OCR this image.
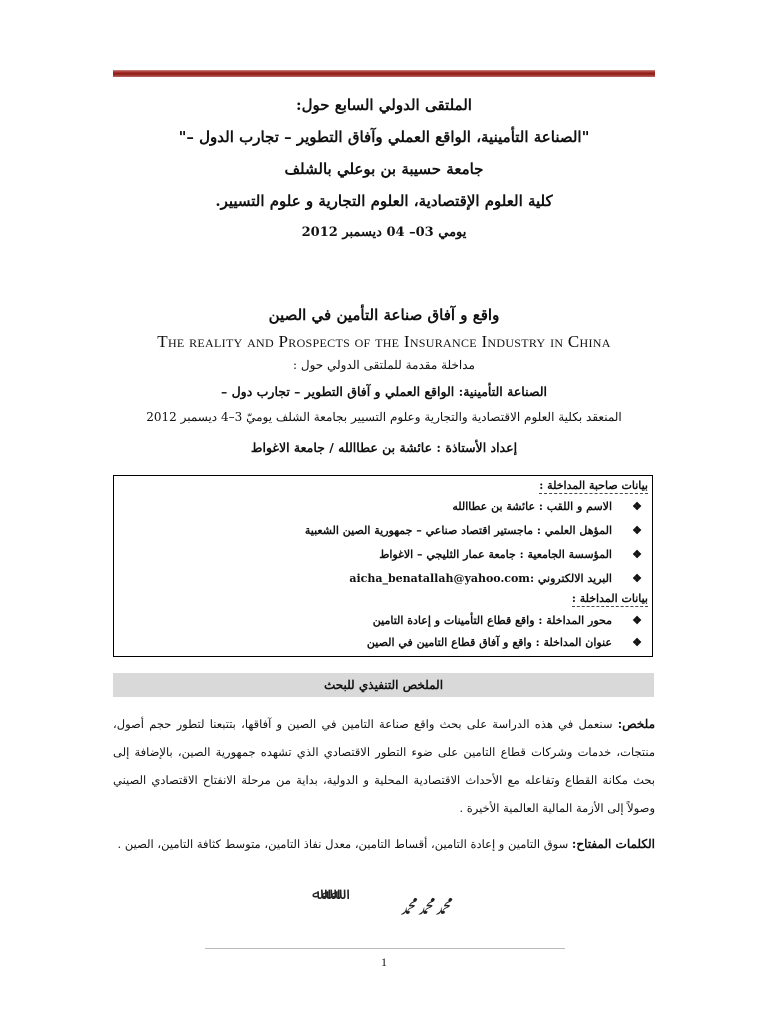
الملتقى الدولي السابع حول:
"الصناعة التأمينية، الواقع العملي وآفاق التطوير – تجارب الدول –"
جامعة حسيبة بن بوعلي بالشلف
كلية العلوم الإقتصادية، العلوم التجارية و علوم التسيير.
يومي 03– 04 ديسمبر 2012
واقع و آفاق صناعة التأمين في الصين
The reality and Prospects of the Insurance Industry in China
مداخلة مقدمة للملتقى الدولي حول :
الصناعة التأمينية: الواقع العملي و آفاق التطوير – تجارب دول –
المنعقد بكلية العلوم الاقتصادية والتجارية وعلوم التسيير بجامعة الشلف يوميّ 3–4 ديسمبر 2012
إعداد الأستاذة : عائشة بن عطاالله / جامعة الاغواط
بيانات صاحبة المداخلة :
❖الاسم و اللقب : عائشة بن عطاالله
❖المؤهل العلمي : ماجستير اقتصاد صناعي – جمهورية الصين الشعبية
❖المؤسسة الجامعية : جامعة عمار الثليجي – الاغواط
❖البريد الالكتروني :aicha_benatallah@yahoo.com
بيانات المداخلة :
❖محور المداخلة : واقع قطاع التأمينات و إعادة التامين
❖عنوان المداخلة : واقع و آفاق قطاع التامين في الصين
الملخص التنفيذي للبحث
ملخص: سنعمل في هذه الدراسة على بحث واقع صناعة التامين في الصين و آفاقها، بتتبعنا لتطور حجم أصول، منتجات، خدمات وشركات قطاع التامين على ضوء التطور الاقتصادي الذي تشهده جمهورية الصين، بالإضافة إلى بحث مكانة القطاع وتفاعله مع الأحداث الاقتصادية المحلية و الدولية، بداية من مرحلة الانفتاح الاقتصادي الصيني وصولاً إلى الأزمة المالية العالمية الأخيرة .
الكلمات المفتاح: سوق التامين و إعادة التامين، أقساط التامين، معدل نفاذ التامين، متوسط كثافة التامين، الصين .
ﷲﷲﷲ
ﷴﷴﷴ
1
